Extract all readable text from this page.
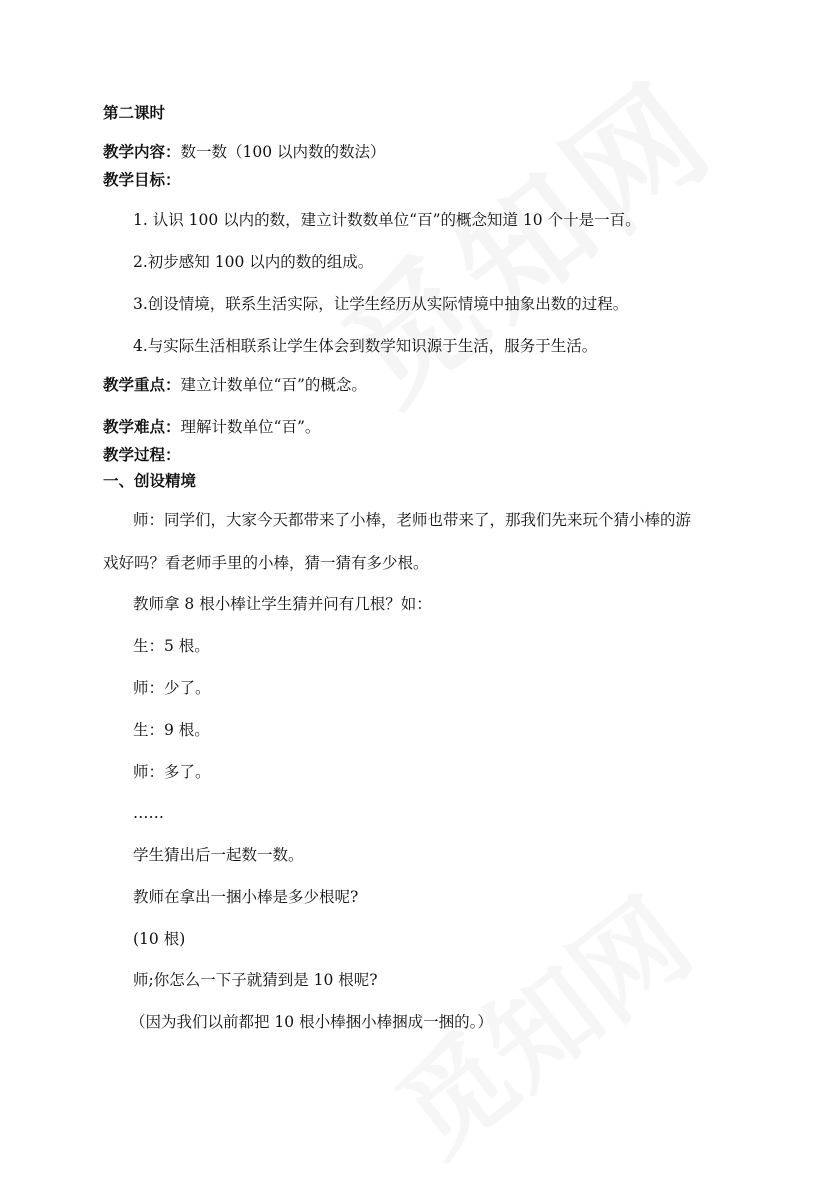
第二课时
教学内容：数一数（100 以内数的数法）
教学目标：
1. 认识 100 以内的数，建立计数数单位“百”的概念知道 10 个十是一百。
2.初步感知 100 以内的数的组成。
3.创设情境，联系生活实际，让学生经历从实际情境中抽象出数的过程。
4.与实际生活相联系让学生体会到数学知识源于生活，服务于生活。
教学重点：建立计数单位“百”的概念。
教学难点：理解计数单位“百”。
教学过程：
一、创设精境
师：同学们，大家今天都带来了小棒，老师也带来了，那我们先来玩个猜小棒的游
戏好吗？看老师手里的小棒，猜一猜有多少根。
教师拿 8 根小棒让学生猜并问有几根？如：
生：5 根。
师：少了。
生：9 根。
师：多了。
……
学生猜出后一起数一数。
教师在拿出一捆小棒是多少根呢?
(10 根)
师;你怎么一下子就猜到是 10 根呢?
（因为我们以前都把 10 根小棒捆小棒捆成一捆的。）
